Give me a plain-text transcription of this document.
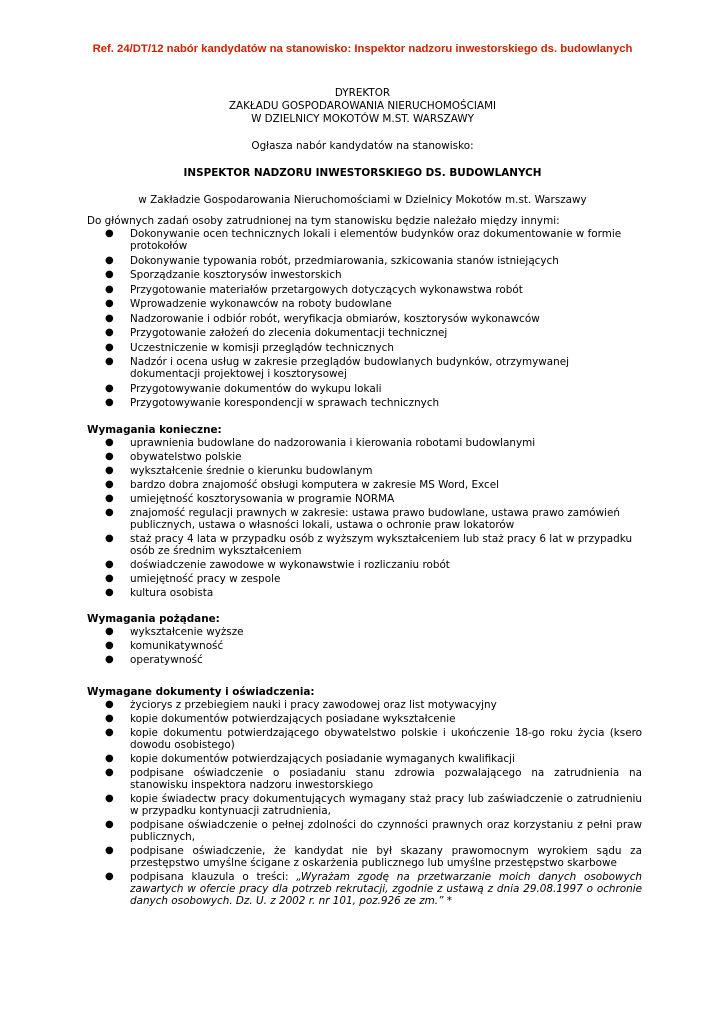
Ref. 24/DT/12 nabór kandydatów na stanowisko: Inspektor nadzoru inwestorskiego ds. budowlanych
DYREKTOR
ZAKŁADU GOSPODAROWANIA NIERUCHOMOŚCIAMI
W DZIELNICY MOKOTÓW M.ST. WARSZAWY
Ogłasza nabór kandydatów na stanowisko:
INSPEKTOR NADZORU INWESTORSKIEGO DS. BUDOWLANYCH
w Zakładzie Gospodarowania Nieruchomościami w Dzielnicy Mokotów m.st. Warszawy
Do głównych zadań osoby zatrudnionej na tym stanowisku będzie należało między innymi:
● Dokonywanie ocen technicznych lokali i elementów budynków oraz dokumentowanie w formie protokołów
● Dokonywanie typowania robót, przedmiarowania, szkicowania stanów istniejących
● Sporządzanie kosztorysów inwestorskich
● Przygotowanie materiałów przetargowych dotyczących wykonawstwa robót
● Wprowadzenie wykonawców na roboty budowlane
● Nadzorowanie i odbiór robót, weryfikacja obmiarów, kosztorysów wykonawców
● Przygotowanie założeń do zlecenia dokumentacji technicznej
● Uczestniczenie w komisji przeglądów technicznych
● Nadzór i ocena usług w zakresie przeglądów budowlanych budynków, otrzymywanej dokumentacji projektowej i kosztorysowej
● Przygotowywanie dokumentów do wykupu lokali
● Przygotowywanie korespondencji w sprawach technicznych
Wymagania konieczne:
● uprawnienia budowlane do nadzorowania i kierowania robotami budowlanymi
● obywatelstwo polskie
● wykształcenie średnie o kierunku budowlanym
● bardzo dobra znajomość obsługi komputera w zakresie MS Word, Excel
● umiejętność kosztorysowania w programie NORMA
● znajomość regulacji prawnych w zakresie: ustawa prawo budowlane, ustawa prawo zamówień publicznych, ustawa o własności lokali, ustawa o ochronie praw lokatorów
● staż pracy 4 lata w przypadku osób z wyższym wykształceniem lub staż pracy 6 lat w przypadku osób ze średnim wykształceniem
● doświadczenie zawodowe w wykonawstwie i rozliczaniu robót
● umiejętność pracy w zespole
● kultura osobista
Wymagania pożądane:
● wykształcenie wyższe
● komunikatywność
● operatywność
Wymagane dokumenty i oświadczenia:
● życiorys z przebiegiem nauki i pracy zawodowej oraz list motywacyjny
● kopie dokumentów potwierdzających posiadane wykształcenie
● kopie dokumentu potwierdzającego obywatelstwo polskie i ukończenie 18-go roku życia (ksero dowodu osobistego)
● kopie dokumentów potwierdzających posiadanie wymaganych kwalifikacji
● podpisane oświadczenie o posiadaniu stanu zdrowia pozwalającego na zatrudnienia na stanowisku inspektora nadzoru inwestorskiego
● kopie świadectw pracy dokumentujących wymagany staż pracy lub zaświadczenie o zatrudnieniu w przypadku kontynuacji zatrudnienia,
● podpisane oświadczenie o pełnej zdolności do czynności prawnych oraz korzystaniu z pełni praw publicznych,
● podpisane oświadczenie, że kandydat nie był skazany prawomocnym wyrokiem sądu za przestępstwo umyślne ścigane z oskarżenia publicznego lub umyślne przestępstwo skarbowe
● podpisana klauzula o treści: „Wyrażam zgodę na przetwarzanie moich danych osobowych zawartych w ofercie pracy dla potrzeb rekrutacji, zgodnie z ustawą z dnia 29.08.1997 o ochronie danych osobowych. Dz. U. z 2002 r. nr 101, poz.926 ze zm.” *
